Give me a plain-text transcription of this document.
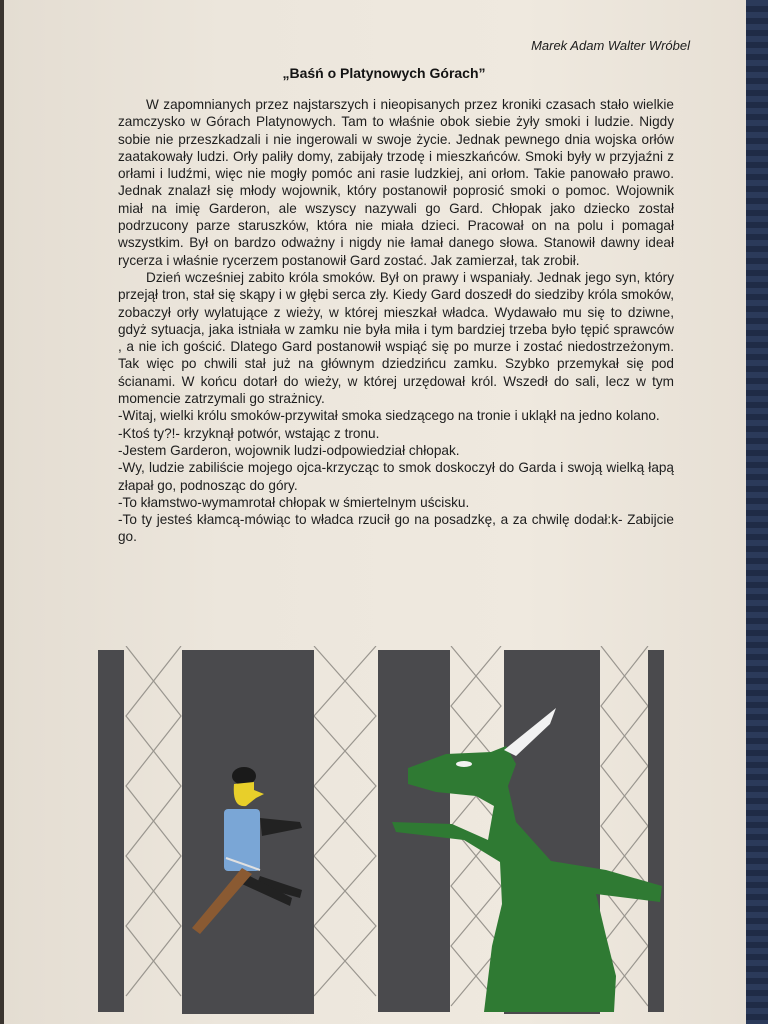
Marek Adam Walter Wróbel
„Baśń o Platynowych Górach”

W zapomnianych przez najstarszych i nieopisanych przez kroniki czasach stało wielkie zamczysko w Górach Platynowych. Tam to właśnie obok siebie żyły smoki i ludzie. Nigdy sobie nie przeszkadzali i nie ingerowali w swoje życie. Jednak pewnego dnia wojska orłów zaatakowały ludzi. Orły paliły domy, zabijały trzodę i mieszkańców. Smoki były w przyjaźni z orłami i ludźmi, więc nie mogły pomóc ani rasie ludzkiej, ani orłom. Takie panowało prawo. Jednak znalazł się młody wojownik, który postanowił poprosić smoki o pomoc. Wojownik miał na imię Garderon, ale wszyscy nazywali go Gard. Chłopak jako dziecko został podrzucony parze staruszków, która nie miała dzieci. Pracował on na polu i pomagał wszystkim. Był on bardzo odważny i nigdy nie łamał danego słowa. Stanowił dawny ideał rycerza i właśnie rycerzem postanowił Gard zostać. Jak zamierzał, tak zrobił.

Dzień wcześniej zabito króla smoków. Był on prawy i wspaniały. Jednak jego syn, który przejął tron, stał się skąpy i w głębi serca zły. Kiedy Gard doszedł do siedziby króla smoków, zobaczył orły wylatujące z wieży, w której mieszkał władca. Wydawało mu się to dziwne, gdyż sytuacja, jaka istniała w zamku nie była miła i tym bardziej trzeba było tępić sprawców , a nie ich gościć. Dlatego Gard postanowił wspiąć się po murze i zostać niedostrzeżonym. Tak więc po chwili stał już na głównym dziedzińcu zamku. Szybko przemykał się pod ścianami. W końcu dotarł do wieży, w której urzędował król. Wszedł do sali, lecz w tym momencie zatrzymali go strażnicy.

-Witaj, wielki królu smoków-przywitał smoka siedzącego na tronie i ukląkł na jedno kolano.

-Ktoś ty?!- krzyknął potwór, wstając z tronu.

-Jestem Garderon, wojownik ludzi-odpowiedział chłopak.

-Wy, ludzie zabiliście mojego ojca-krzycząc to smok doskoczył do Garda i swoją wielką łapą złapał go, podnosząc do góry.

-To kłamstwo-wymamrotał chłopak w śmiertelnym uścisku.

-To ty jesteś kłamcą-mówiąc to władca rzucił go na posadzkę, a za chwilę dodał:k- Zabijcie go.
